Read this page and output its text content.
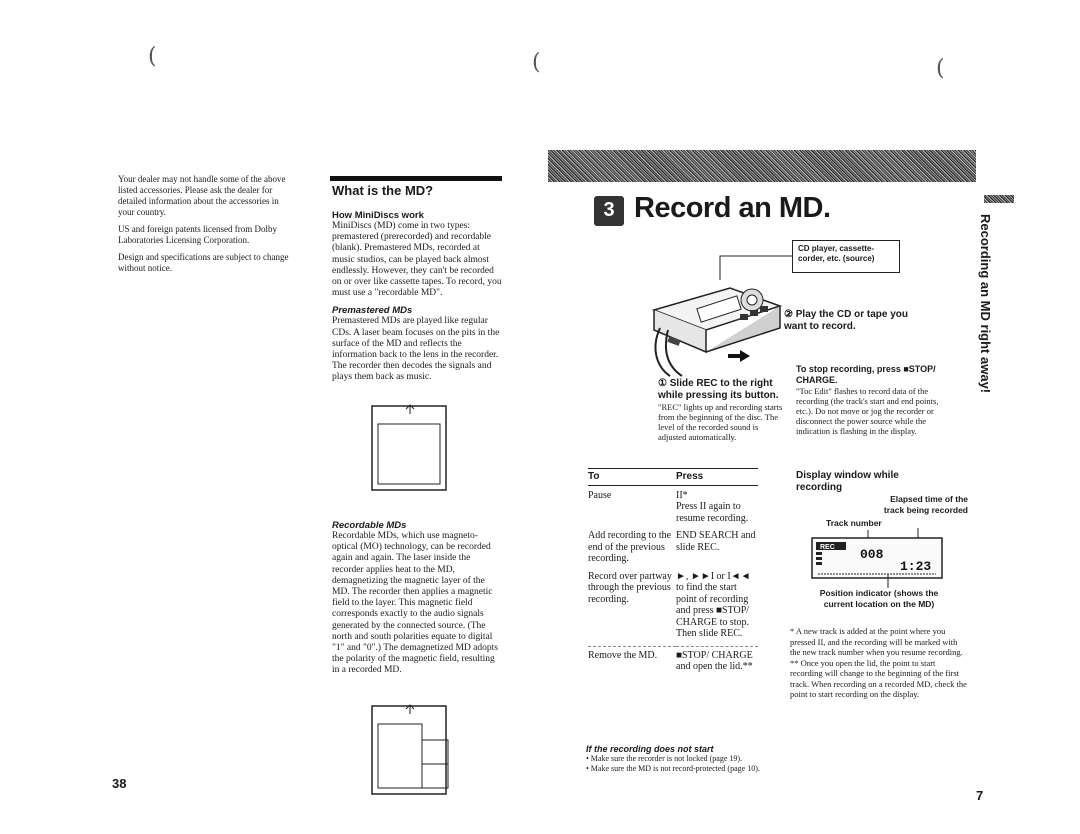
(	(	(
Your dealer may not handle some of the above listed accessories. Please ask the dealer for detailed information about the accessories in your country.
US and foreign patents licensed from Dolby Laboratories Licensing Corporation.
Design and specifications are subject to change without notice.
What is the MD?
How MiniDiscs work
MiniDiscs (MD) come in two types: premastered (prerecorded) and recordable (blank). Premastered MDs, recorded at music studios, can be played back almost endlessly. However, they can't be recorded on or over like cassette tapes. To record, you must use a "recordable MD".
Premastered MDs
Premastered MDs are played like regular CDs. A laser beam focuses on the pits in the surface of the MD and reflects the information back to the lens in the recorder. The recorder then decodes the signals and plays them back as music.
Recordable MDs
Recordable MDs, which use magneto-optical (MO) technology, can be recorded again and again. The laser inside the recorder applies heat to the MD, demagnetizing the magnetic layer of the MD. The recorder then applies a magnetic field to the layer. This magnetic field corresponds exactly to the audio signals generated by the connected source. (The north and south polarities equate to digital "1" and "0".) The demagnetized MD adopts the polarity of the magnetic field, resulting in a recorded MD.
38
Recording an MD right away!
3 Record an MD.
CD player, cassette-corder, etc. (source)
② Play the CD or tape you want to record.
① Slide REC to the right while pressing its button.
"REC" lights up and recording starts from the beginning of the disc. The level of the recorded sound is adjusted automatically.
To stop recording, press ■STOP/ CHARGE.
"Toc Edit" flashes to record data of the recording (the track's start and end points, etc.). Do not move or jog the recorder or disconnect the power source while the indication is flashing in the display.
To	Press
Pause	II*
Press II again to resume recording.
Add recording to the end of the previous recording.	END SEARCH and slide REC.
Record over partway through the previous recording.	►, ►►I or I◄◄ to find the start point of recording and press ■STOP/ CHARGE to stop. Then slide REC.
Remove the MD.	■STOP/ CHARGE and open the lid.**
If the recording does not start
• Make sure the recorder is not locked (page 19).
• Make sure the MD is not record-protected (page 10).
Display window while recording
Elapsed time of the track being recorded
Track number
REC 008
1:23
Position indicator (shows the current location on the MD)
* A new track is added at the point where you pressed II, and the recording will be marked with the new track number when you resume recording.
** Once you open the lid, the point to start recording will change to the beginning of the first track. When recording on a recorded MD, check the point to start recording on the display.
7
